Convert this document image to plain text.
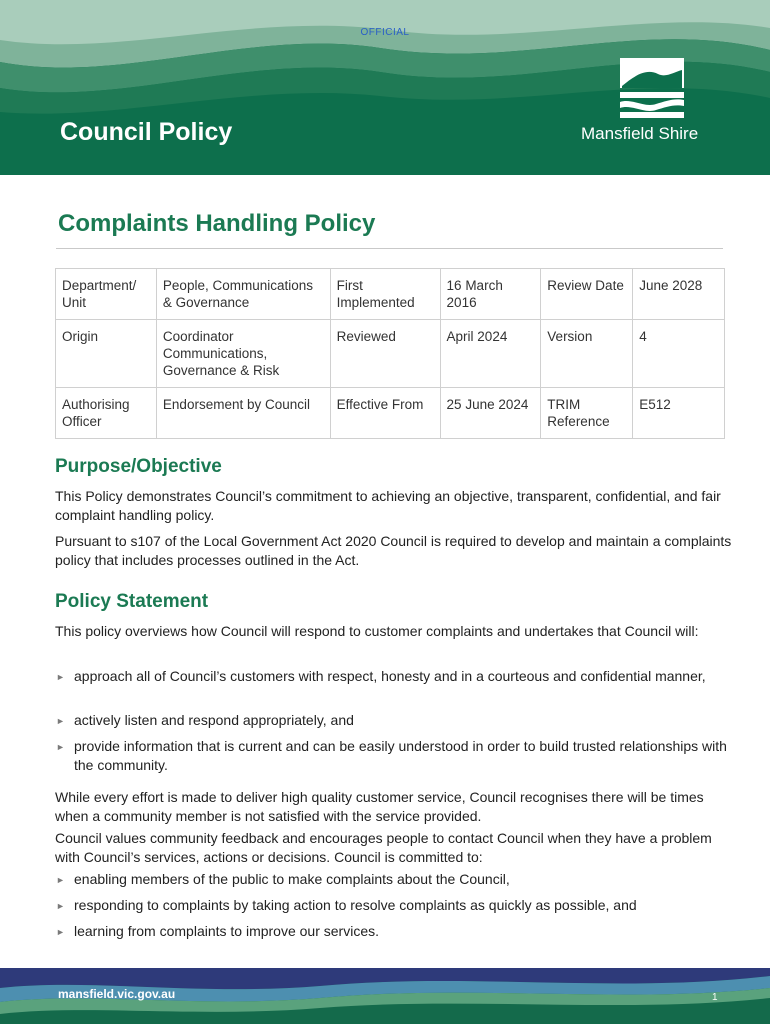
OFFICIAL
Council Policy	Mansfield Shire
Complaints Handling Policy
Department/ Unit	People, Communications & Governance	First Implemented	16 March 2016	Review Date	June 2028
Origin	Coordinator Communications, Governance & Risk	Reviewed	April 2024	Version	4
Authorising Officer	Endorsement by Council	Effective From	25 June 2024	TRIM Reference	E512
Purpose/Objective
This Policy demonstrates Council’s commitment to achieving an objective, transparent, confidential, and fair complaint handling policy.
Pursuant to s107 of the Local Government Act 2020 Council is required to develop and maintain a complaints policy that includes processes outlined in the Act.
Policy Statement
This policy overviews how Council will respond to customer complaints and undertakes that Council will:
► approach all of Council’s customers with respect, honesty and in a courteous and confidential manner,
► actively listen and respond appropriately, and
► provide information that is current and can be easily understood in order to build trusted relationships with the community.
While every effort is made to deliver high quality customer service, Council recognises there will be times when a community member is not satisfied with the service provided.
Council values community feedback and encourages people to contact Council when they have a problem with Council’s services, actions or decisions. Council is committed to:
► enabling members of the public to make complaints about the Council,
► responding to complaints by taking action to resolve complaints as quickly as possible, and
► learning from complaints to improve our services.
mansfield.vic.gov.au	1
